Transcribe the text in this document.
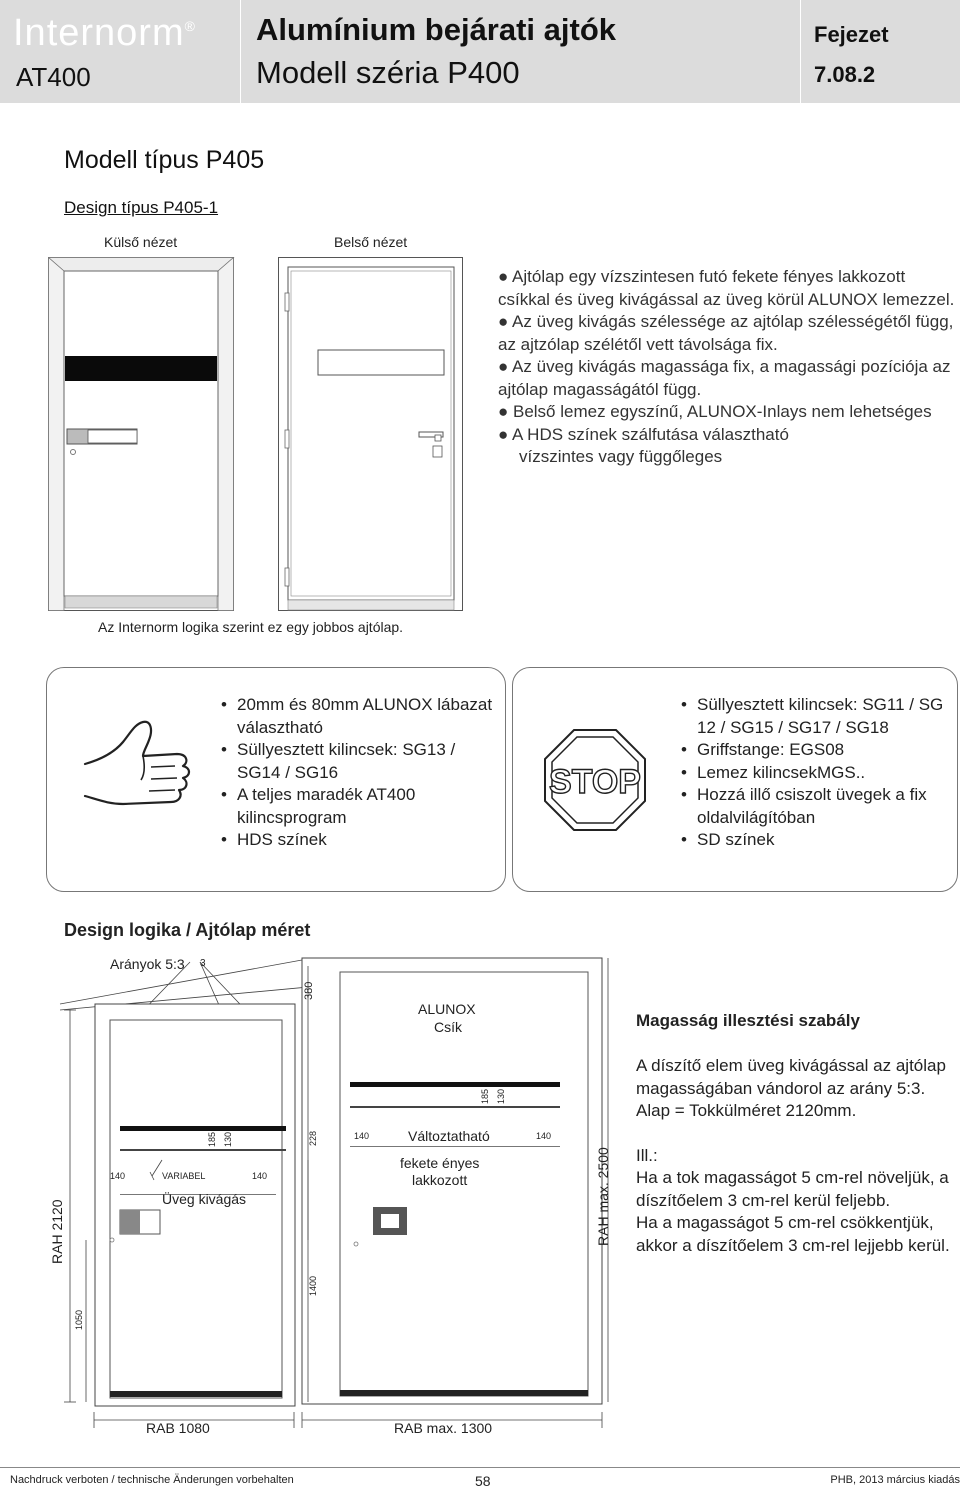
Internorm®
AT400
Alumínium bejárati ajtók
Modell széria P400
Fejezet
7.08.2
Modell típus P405
Design típus P405-1
Külső nézet	Belső nézet
● Ajtólap egy vízszintesen futó fekete fényes lakkozott csíkkal és üveg kivágással az üveg körül ALUNOX lemezzel.
● Az üveg kivágás szélessége az ajtólap szélességétől függ, az ajtzólap szélétől vett távolsága fix.
● Az üveg kivágás magassága fix, a magassági pozíciója az ajtólap magasságától függ.
● Belső lemez egyszínű, ALUNOX-Inlays nem lehetséges
● A HDS színek szálfutása választható
vízszintes vagy függőleges
Az Internorm logika szerint ez egy jobbos ajtólap.
• 20mm és 80mm ALUNOX lábazat választható
• Süllyesztett kilincsek: SG13 / SG14 / SG16
• A teljes maradék AT400 kilincsprogram
• HDS színek
STOP
• Süllyesztett kilincsek: SG11 / SG 12 / SG15 / SG17 / SG18
• Griffstange: EGS08
• Lemez kilincsekMGS..
• Hozzá illő csiszolt üvegek a fix oldalvilágítóban
• SD színek
Design logika / Ajtólap méret
380
185 130	228
185 130
1400
1050
140	140
140	140
VARIABEL
RAH 2120	RAH max. 2500
Arányok 5:3 3
ALUNOX
Csík
Változtatható
fekete ényes
lakkozott
Üveg kivágás
RAB 1080	RAB max. 1300
Magasság illesztési szabály
A díszítő elem üveg kivágással az ajtólap magasságában vándorol az arány 5:3.
Alap = Tokkülméret 2120mm.
Ill.:
Ha a tok magasságot 5 cm-rel növeljük, a díszítőelem 3 cm-rel kerül feljebb.
Ha a magasságot 5 cm-rel csökkentjük, akkor a díszítőelem 3 cm-rel lejjebb kerül.
Nachdruck verboten / technische Änderungen vorbehalten	58	PHB, 2013 március kiadás
